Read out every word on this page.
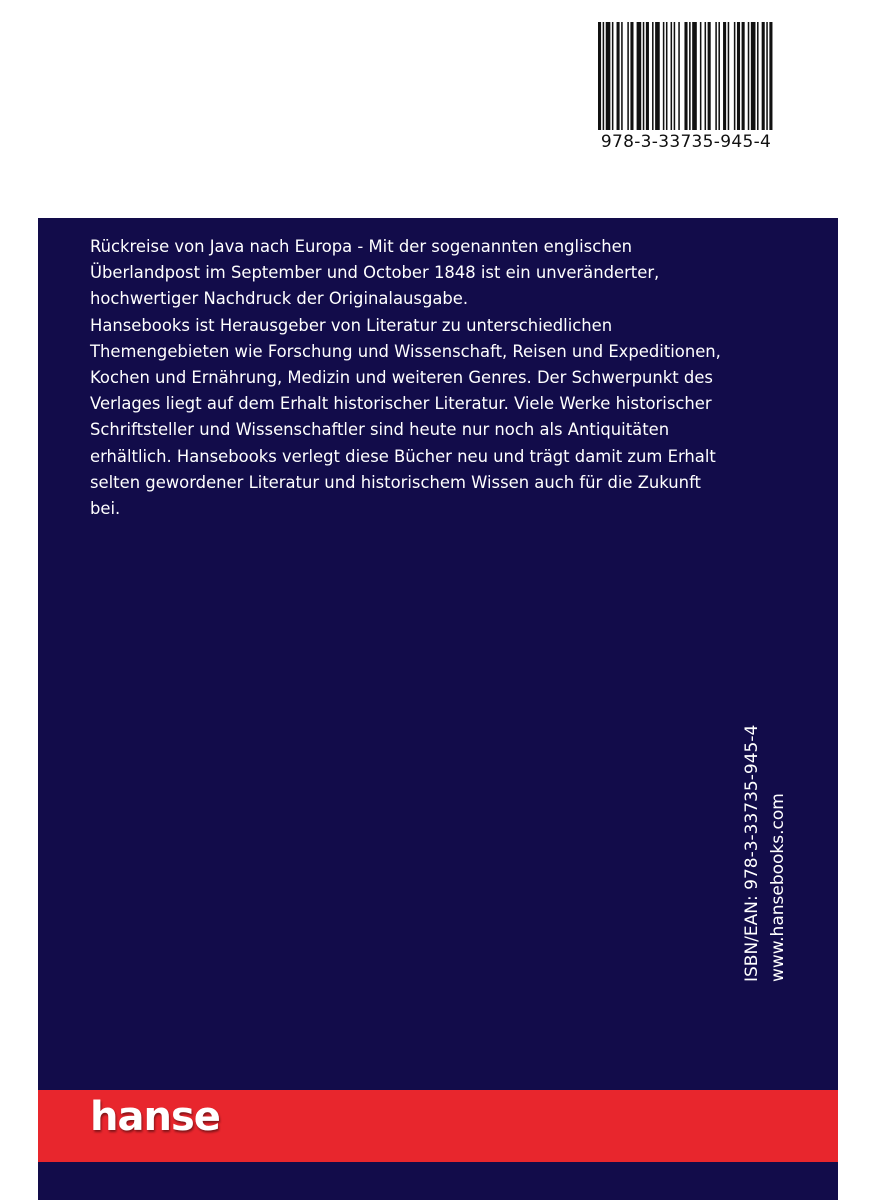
978-3-33735-945-4

Rückreise von Java nach Europa - Mit der sogenannten englischen
Überlandpost im September und October 1848 ist ein unveränderter,
hochwertiger Nachdruck der Originalausgabe.

Hansebooks ist Herausgeber von Literatur zu unterschiedlichen
Themengebieten wie Forschung und Wissenschaft, Reisen und Expeditionen,
Kochen und Ernährung, Medizin und weiteren Genres. Der Schwerpunkt des
Verlages liegt auf dem Erhalt historischer Literatur. Viele Werke historischer
Schriftsteller und Wissenschaftler sind heute nur noch als Antiquitäten
erhältlich. Hansebooks verlegt diese Bücher neu und trägt damit zum Erhalt
selten gewordener Literatur und historischem Wissen auch für die Zukunft
bei.

ISBN/EAN: 978-3-33735-945-4 www.hansebooks.com
hanse
